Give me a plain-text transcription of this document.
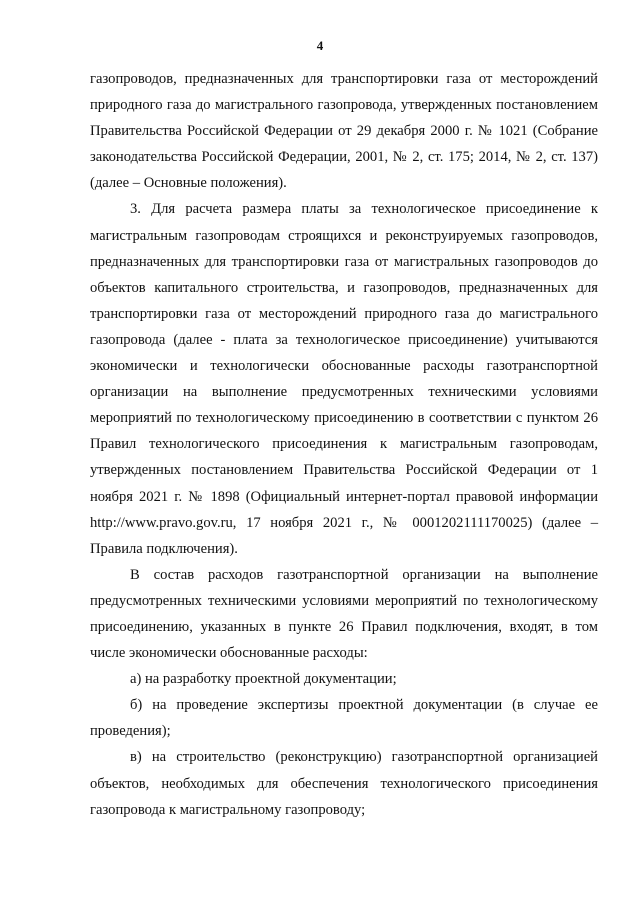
4

газопроводов, предназначенных для транспортировки газа от месторождений природного газа до магистрального газопровода, утвержденных постановлением Правительства Российской Федерации от 29 декабря 2000 г. № 1021 (Собрание законодательства Российской Федерации, 2001, № 2, ст. 175; 2014, № 2, ст. 137) (далее – Основные положения).

3. Для расчета размера платы за технологическое присоединение к магистральным газопроводам строящихся и реконструируемых газопроводов, предназначенных для транспортировки газа от магистральных газопроводов до объектов капитального строительства, и газопроводов, предназначенных для транспортировки газа от месторождений природного газа до магистрального газопровода (далее - плата за технологическое присоединение) учитываются экономически и технологически обоснованные расходы газотранспортной организации на выполнение предусмотренных техническими условиями мероприятий по технологическому присоединению в соответствии с пунктом 26 Правил технологического присоединения к магистральным газопроводам, утвержденных постановлением Правительства Российской Федерации от 1 ноября 2021 г. № 1898 (Официальный интернет-портал правовой информации http://www.pravo.gov.ru, 17 ноября 2021 г., № 0001202111170025) (далее – Правила подключения).

В состав расходов газотранспортной организации на выполнение предусмотренных техническими условиями мероприятий по технологическому присоединению, указанных в пункте 26 Правил подключения, входят, в том числе экономически обоснованные расходы:

а) на разработку проектной документации;

б) на проведение экспертизы проектной документации (в случае ее проведения);

в) на строительство (реконструкцию) газотранспортной организацией объектов, необходимых для обеспечения технологического присоединения газопровода к магистральному газопроводу;
